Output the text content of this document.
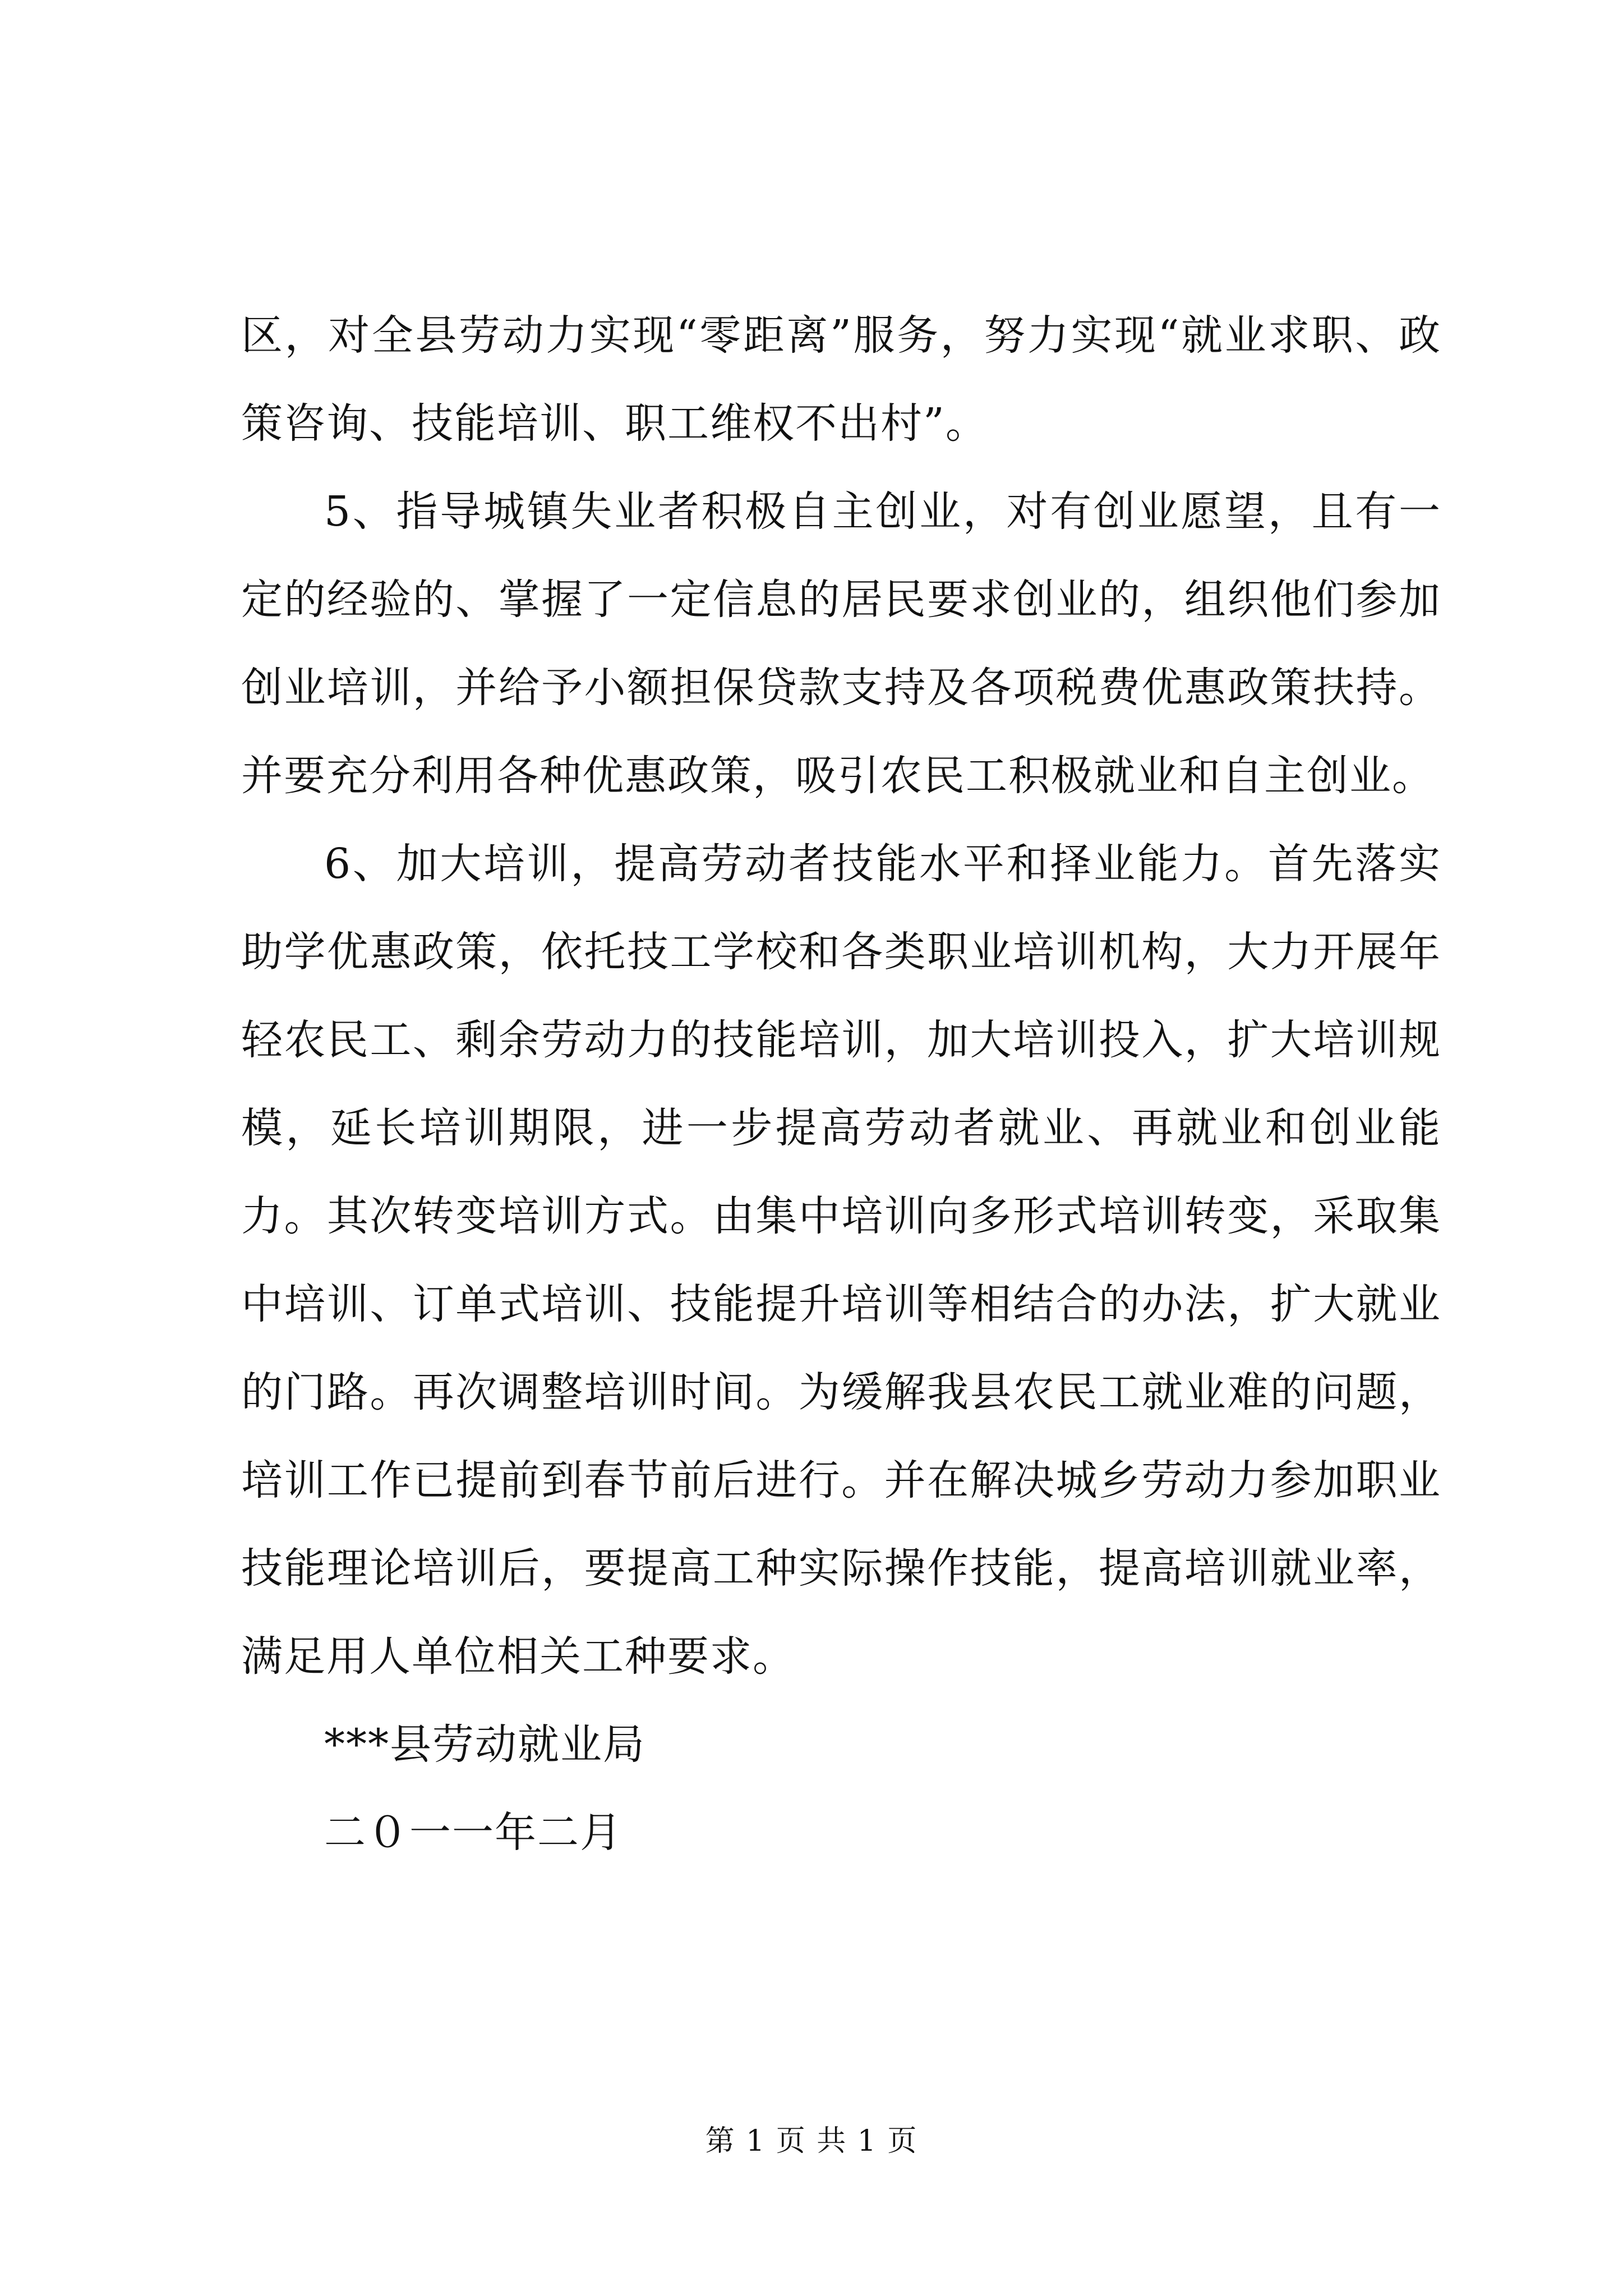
区，对全县劳动力实现“零距离”服务，努力实现“就业求职、政策咨询、技能培训、职工维权不出村”。

5、指导城镇失业者积极自主创业，对有创业愿望，且有一定的经验的、掌握了一定信息的居民要求创业的，组织他们参加创业培训，并给予小额担保贷款支持及各项税费优惠政策扶持。并要充分利用各种优惠政策，吸引农民工积极就业和自主创业。

6、加大培训，提高劳动者技能水平和择业能力。首先落实助学优惠政策，依托技工学校和各类职业培训机构，大力开展年轻农民工、剩余劳动力的技能培训，加大培训投入，扩大培训规模，延长培训期限，进一步提高劳动者就业、再就业和创业能力。其次转变培训方式。由集中培训向多形式培训转变，采取集中培训、订单式培训、技能提升培训等相结合的办法，扩大就业的门路。再次调整培训时间。为缓解我县农民工就业难的问题，培训工作已提前到春节前后进行。并在解决城乡劳动力参加职业技能理论培训后，要提高工种实际操作技能，提高培训就业率，满足用人单位相关工种要求。

***县劳动就业局

二０一一年二月

第 1 页 共 1 页
